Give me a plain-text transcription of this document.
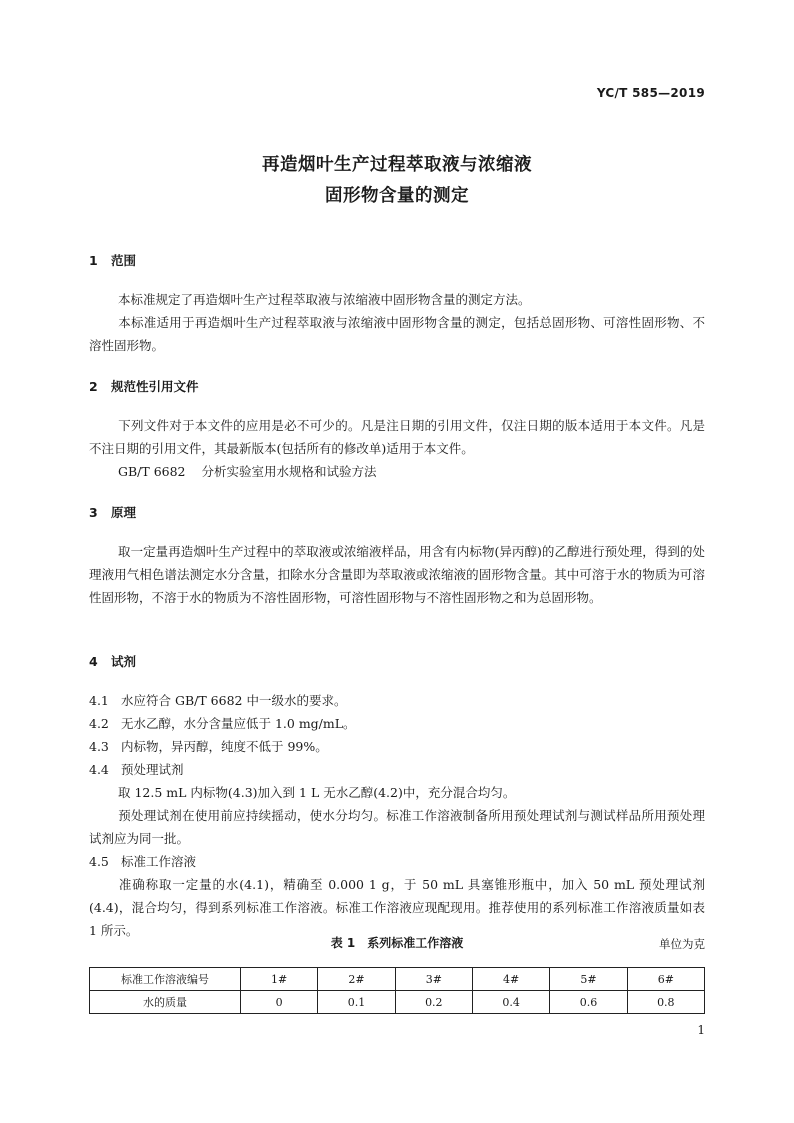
YC/T 585—2019
再造烟叶生产过程萃取液与浓缩液
固形物含量的测定
1 范围
本标准规定了再造烟叶生产过程萃取液与浓缩液中固形物含量的测定方法。
本标准适用于再造烟叶生产过程萃取液与浓缩液中固形物含量的测定，包括总固形物、可溶性固形物、不溶性固形物。
2 规范性引用文件
下列文件对于本文件的应用是必不可少的。凡是注日期的引用文件，仅注日期的版本适用于本文件。凡是不注日期的引用文件，其最新版本(包括所有的修改单)适用于本文件。
GB/T 6682 分析实验室用水规格和试验方法
3 原理
取一定量再造烟叶生产过程中的萃取液或浓缩液样品，用含有内标物(异丙醇)的乙醇进行预处理，得到的处理液用气相色谱法测定水分含量，扣除水分含量即为萃取液或浓缩液的固形物含量。其中可溶于水的物质为可溶性固形物，不溶于水的物质为不溶性固形物，可溶性固形物与不溶性固形物之和为总固形物。
4 试剂
4.1 水应符合 GB/T 6682 中一级水的要求。
4.2 无水乙醇，水分含量应低于 1.0 mg/mL。
4.3 内标物，异丙醇，纯度不低于 99%。
4.4 预处理试剂
取 12.5 mL 内标物(4.3)加入到 1 L 无水乙醇(4.2)中，充分混合均匀。
预处理试剂在使用前应持续摇动，使水分均匀。标准工作溶液制备所用预处理试剂与测试样品所用预处理试剂应为同一批。
4.5 标准工作溶液
准确称取一定量的水(4.1)，精确至 0.000 1 g，于 50 mL 具塞锥形瓶中，加入 50 mL 预处理试剂(4.4)，混合均匀，得到系列标准工作溶液。标准工作溶液应现配现用。推荐使用的系列标准工作溶液质量如表 1 所示。
表 1　系列标准工作溶液	单位为克
标准工作溶液编号	1#	2#	3#	4#	5#	6#
水的质量	0	0.1	0.2	0.4	0.6	0.8
1
